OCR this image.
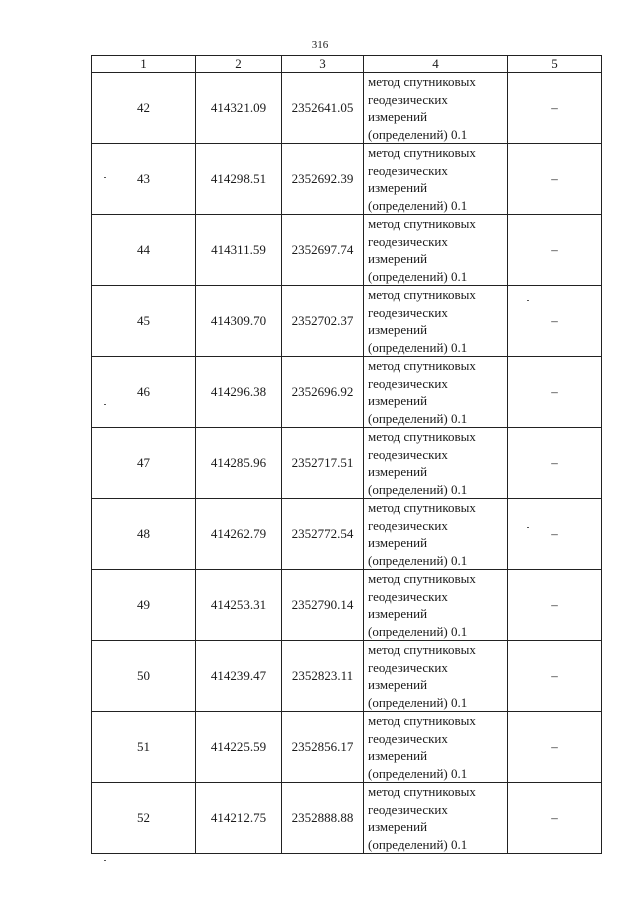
316
1	2	3	4	5
42	414321.09	2352641.05	метод спутниковых
геодезических
измерений
(определений) 0.1	–
43	414298.51	2352692.39	метод спутниковых
геодезических
измерений
(определений) 0.1	–
44	414311.59	2352697.74	метод спутниковых
геодезических
измерений
(определений) 0.1	–
45	414309.70	2352702.37	метод спутниковых
геодезических
измерений
(определений) 0.1	–
46	414296.38	2352696.92	метод спутниковых
геодезических
измерений
(определений) 0.1	–
47	414285.96	2352717.51	метод спутниковых
геодезических
измерений
(определений) 0.1	–
48	414262.79	2352772.54	метод спутниковых
геодезических
измерений
(определений) 0.1	–
49	414253.31	2352790.14	метод спутниковых
геодезических
измерений
(определений) 0.1	–
50	414239.47	2352823.11	метод спутниковых
геодезических
измерений
(определений) 0.1	–
51	414225.59	2352856.17	метод спутниковых
геодезических
измерений
(определений) 0.1	–
52	414212.75	2352888.88	метод спутниковых
геодезических
измерений
(определений) 0.1	–
